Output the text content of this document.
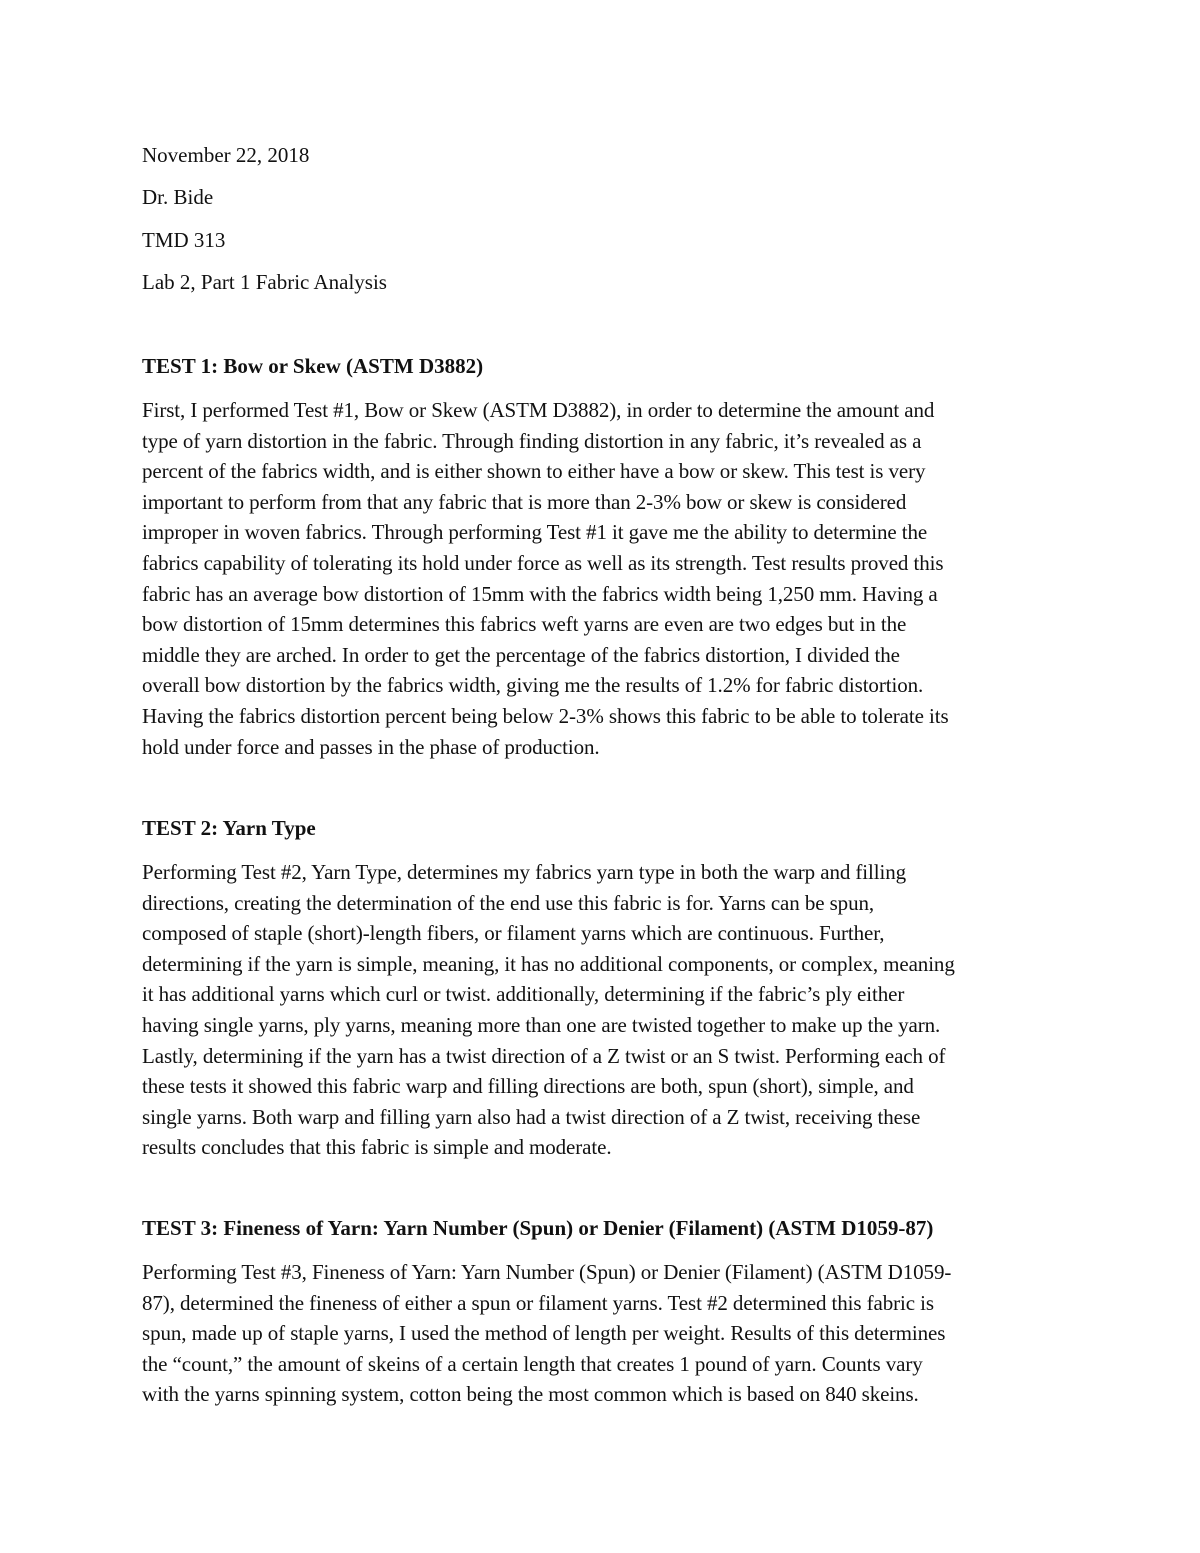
November 22, 2018
Dr. Bide
TMD 313
Lab 2, Part 1 Fabric Analysis
TEST 1: Bow or Skew (ASTM D3882)
First, I performed Test #1, Bow or Skew (ASTM D3882), in order to determine the amount and
type of yarn distortion in the fabric. Through finding distortion in any fabric, it’s revealed as a
percent of the fabrics width, and is either shown to either have a bow or skew. This test is very
important to perform from that any fabric that is more than 2-3% bow or skew is considered
improper in woven fabrics. Through performing Test #1 it gave me the ability to determine the
fabrics capability of tolerating its hold under force as well as its strength. Test results proved this
fabric has an average bow distortion of 15mm with the fabrics width being 1,250 mm. Having a
bow distortion of 15mm determines this fabrics weft yarns are even are two edges but in the
middle they are arched. In order to get the percentage of the fabrics distortion, I divided the
overall bow distortion by the fabrics width, giving me the results of 1.2% for fabric distortion.
Having the fabrics distortion percent being below 2-3% shows this fabric to be able to tolerate its
hold under force and passes in the phase of production.
TEST 2: Yarn Type
Performing Test #2, Yarn Type, determines my fabrics yarn type in both the warp and filling
directions, creating the determination of the end use this fabric is for. Yarns can be spun,
composed of staple (short)-length fibers, or filament yarns which are continuous. Further,
determining if the yarn is simple, meaning, it has no additional components, or complex, meaning
it has additional yarns which curl or twist. additionally, determining if the fabric’s ply either
having single yarns, ply yarns, meaning more than one are twisted together to make up the yarn.
Lastly, determining if the yarn has a twist direction of a Z twist or an S twist. Performing each of
these tests it showed this fabric warp and filling directions are both, spun (short), simple, and
single yarns. Both warp and filling yarn also had a twist direction of a Z twist, receiving these
results concludes that this fabric is simple and moderate.
TEST 3: Fineness of Yarn: Yarn Number (Spun) or Denier (Filament) (ASTM D1059-87)
Performing Test #3, Fineness of Yarn: Yarn Number (Spun) or Denier (Filament) (ASTM D1059-
87), determined the fineness of either a spun or filament yarns. Test #2 determined this fabric is
spun, made up of staple yarns, I used the method of length per weight. Results of this determines
the “count,” the amount of skeins of a certain length that creates 1 pound of yarn. Counts vary
with the yarns spinning system, cotton being the most common which is based on 840 skeins.
